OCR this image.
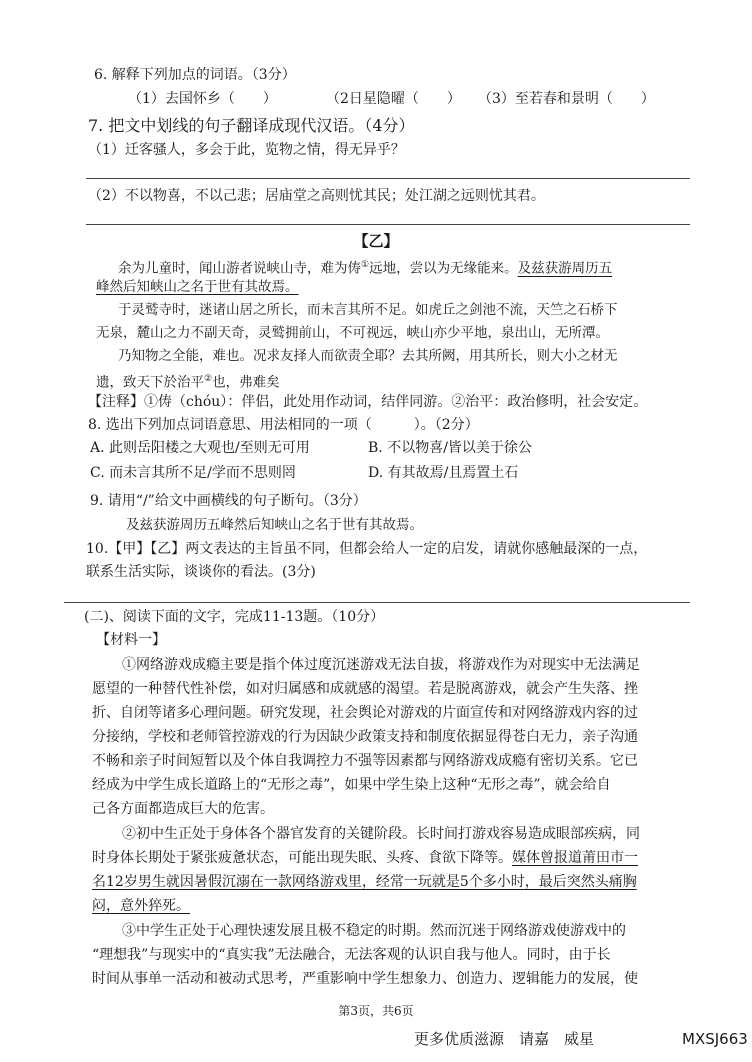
6. 解释下列加点的词语。（3分）
（1）去国怀乡（　　）	（2日星隐曜（　　） （3）至若春和景明（　　）
7. 把文中划线的句子翻译成现代汉语。（4分）
（1）迁客骚人，多会于此，览物之情，得无异乎？
（2）不以物喜，不以己悲；居庙堂之高则忧其民；处江湖之远则忧其君。
【乙】
余为儿童时，闻山游者说峡山寺，难为俦①远地，尝以为无缘能来。及兹获游周历五
峰然后知峡山之名于世有其故焉。
于灵鹫寺时，迷诸山居之所长，而未言其所不足。如虎丘之剑池不流，天竺之石桥下
无泉，麓山之力不副天奇，灵鹫拥前山，不可视远，峡山亦少平地，泉出山，无所潭。
乃知物之全能，难也。况求友择人而欲责全耶？去其所阙，用其所长，则大小之材无
遗，致天下於治平②也，弗难矣
【注释】①俦（chóu）：伴侣，此处用作动词，结伴同游。②治平：政治修明，社会安定。
8. 选出下列加点词语意思、用法相同的一项（　　　）。（2分）
A. 此则岳阳楼之大观也/至则无可用	B. 不以物喜/皆以美于徐公
C. 而未言其所不足/学而不思则罔	D. 有其故焉/且焉置土石
9. 请用“/”给文中画横线的句子断句。（3分）
及兹获游周历五峰然后知峡山之名于世有其故焉。
10.【甲】【乙】两文表达的主旨虽不同，但都会给人一定的启发，请就你感触最深的一点，
联系生活实际，谈谈你的看法。(3分)
(二)、阅读下面的文字，完成11-13题。（10分）
【材料一】
①网络游戏成瘾主要是指个体过度沉迷游戏无法自拔，将游戏作为对现实中无法满足
愿望的一种替代性补偿，如对归属感和成就感的渴望。若是脱离游戏，就会产生失落、挫
折、自闭等诸多心理问题。研究发现，社会舆论对游戏的片面宣传和对网络游戏内容的过
分接纳，学校和老师管控游戏的行为因缺少政策支持和制度依据显得苍白无力，亲子沟通
不畅和亲子时间短暂以及个体自我调控力不强等因素都与网络游戏成瘾有密切关系。它已
经成为中学生成长道路上的“无形之毒”，如果中学生染上这种“无形之毒”，就会给自
己各方面都造成巨大的危害。
②初中生正处于身体各个器官发育的关键阶段。长时间打游戏容易造成眼部疾病，同
时身体长期处于紧张疲惫状态，可能出现失眠、头疼、食欲下降等。媒体曾报道莆田市一
名12岁男生就因暑假沉溺在一款网络游戏里，经常一玩就是5个多小时，最后突然头痛胸
闷，意外猝死。
③中学生正处于心理快速发展且极不稳定的时期。然而沉迷于网络游戏使游戏中的
“理想我”与现实中的“真实我”无法融合，无法客观的认识自我与他人。同时，由于长
时间从事单一活动和被动式思考，严重影响中学生想象力、创造力、逻辑能力的发展，使
第3页，共6页
更多优质滋源　请嘉　威星	MXSJ663
